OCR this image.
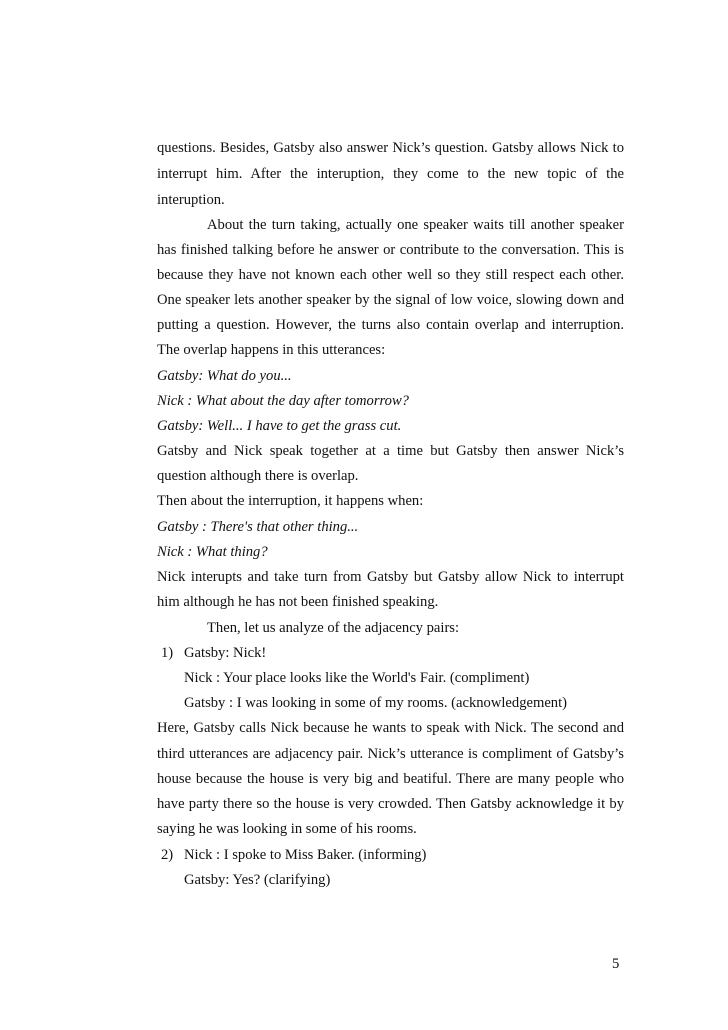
questions. Besides, Gatsby also answer Nick’s question. Gatsby allows Nick to
interrupt him. After the interuption, they come to the new topic of the
interuption.
About the turn taking, actually one speaker waits till another speaker
has finished talking before he answer or contribute to the conversation. This is
because they have not known each other well so they still respect each other.
One speaker lets another speaker by the signal of low voice, slowing down and
putting a question. However, the turns also contain overlap and interruption.
The overlap happens in this utterances:
Gatsby: What do you...
Nick : What about the day after tomorrow?
Gatsby: Well... I have to get the grass cut.
Gatsby and Nick speak together at a time but Gatsby then answer Nick’s
question although there is overlap.
Then about the interruption, it happens when:
Gatsby : There's that other thing...
Nick : What thing?
Nick interupts and take turn from Gatsby but Gatsby allow Nick to interrupt
him although he has not been finished speaking.
Then, let us analyze of the adjacency pairs:
1) Gatsby: Nick!
Nick : Your place looks like the World's Fair. (compliment)
Gatsby : I was looking in some of my rooms. (acknowledgement)
Here, Gatsby calls Nick because he wants to speak with Nick. The second and
third utterances are adjacency pair. Nick’s utterance is compliment of Gatsby’s
house because the house is very big and beatiful. There are many people who
have party there so the house is very crowded. Then Gatsby acknowledge it by
saying he was looking in some of his rooms.
2) Nick : I spoke to Miss Baker. (informing)
Gatsby: Yes? (clarifying)
5
